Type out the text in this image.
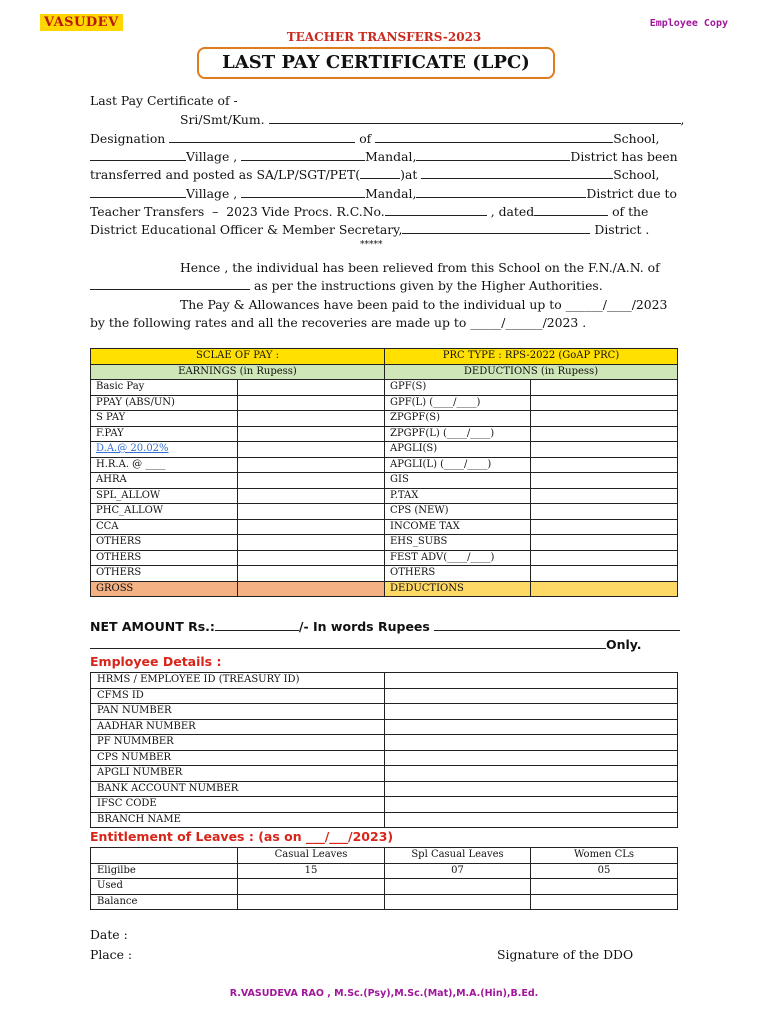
VASUDEV	Employee Copy
TEACHER TRANSFERS-2023
LAST PAY CERTIFICATE (LPC)
Last Pay Certificate of -
Sri/Smt/Kum.	,
Designation	of	School,
Village ,	Mandal,	District has been
transferred and posted as SA/LP/SGT/PET(	)at	School,
Village ,	Mandal,	District due to
Teacher Transfers  –  2023 Vide Procs. R.C.No.	, dated	of the
District Educational Officer & Member Secretary,	District .
*****
Hence , the individual has been relieved from this School on the F.N./A.N. of
as per the instructions given by the Higher Authorities.
The Pay & Allowances have been paid to the individual up to ______/____/2023
by the following rates and all the recoveries are made up to _____/______/2023 .
SCLAE OF PAY :		PRC TYPE : RPS-2022 (GoAP PRC)	
EARNINGS (in Rupess)		DEDUCTIONS (in Rupess)	
Basic Pay		GPF(S)	
PPAY (ABS/UN)		GPF(L) (____/____)	
S PAY		ZPGPF(S)	
F.PAY		ZPGPF(L) (____/____)	
D.A.@ 20.02%		APGLI(S)	
H.R.A. @ ____		APGLI(L) (____/____)	
AHRA		GIS	
SPL_ALLOW		P.TAX	
PHC_ALLOW		CPS (NEW)	
CCA		INCOME TAX	
OTHERS		EHS_SUBS	
OTHERS		FEST ADV(____/____)	
OTHERS		OTHERS	
GROSS		DEDUCTIONS	
NET AMOUNT Rs.:	/- In words Rupees
Only.
Employee Details :
HRMS / EMPLOYEE ID (TREASURY ID)	
CFMS ID	
PAN NUMBER	
AADHAR NUMBER	
PF NUMMBER	
CPS NUMBER	
APGLI NUMBER	
BANK ACCOUNT NUMBER	
IFSC CODE	
BRANCH NAME	
Entitlement of Leaves : (as on ___/___/2023)
	Casual Leaves	Spl Casual Leaves	Women CLs
Eligilbe	15	07	05
Used			
Balance			
Date :
Place :	Signature of the DDO
R.VASUDEVA RAO , M.Sc.(Psy),M.Sc.(Mat),M.A.(Hin),B.Ed.
